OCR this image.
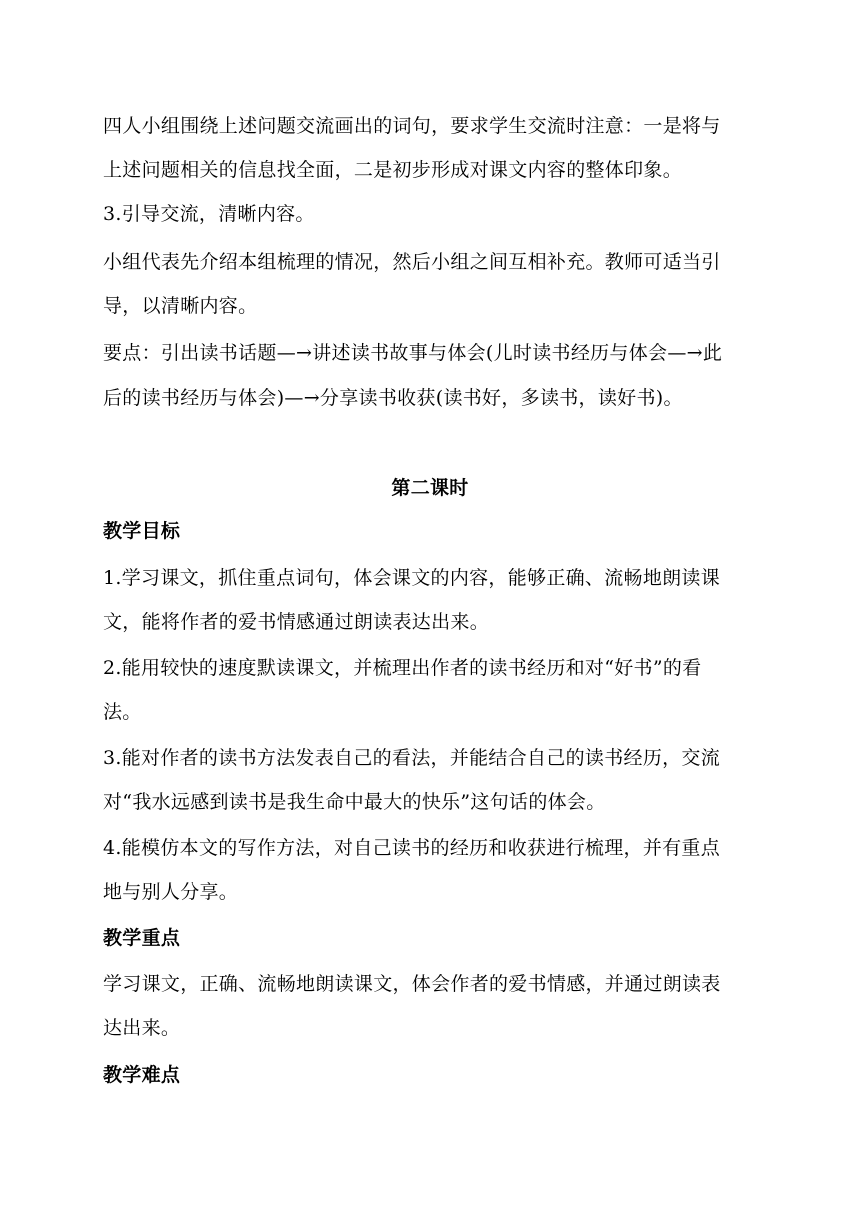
四人小组围绕上述问题交流画出的词句，要求学生交流时注意：一是将与
上述问题相关的信息找全面，二是初步形成对课文内容的整体印象。
3.引导交流，清晰内容。
小组代表先介绍本组梳理的情况，然后小组之间互相补充。教师可适当引
导，以清晰内容。
要点：引出读书话题—→讲述读书故事与体会(儿时读书经历与体会—→此
后的读书经历与体会)—→分享读书收获(读书好，多读书，读好书)。
第二课时
教学目标
1.学习课文，抓住重点词句，体会课文的内容，能够正确、流畅地朗读课
文，能将作者的爱书情感通过朗读表达出来。
2.能用较快的速度默读课文，并梳理出作者的读书经历和对“好书”的看
法。
3.能对作者的读书方法发表自己的看法，并能结合自己的读书经历，交流
对“我水远感到读书是我生命中最大的快乐”这句话的体会。
4.能模仿本文的写作方法，对自己读书的经历和收获进行梳理，并有重点
地与别人分享。
教学重点
学习课文，正确、流畅地朗读课文，体会作者的爱书情感，并通过朗读表
达出来。
教学难点
